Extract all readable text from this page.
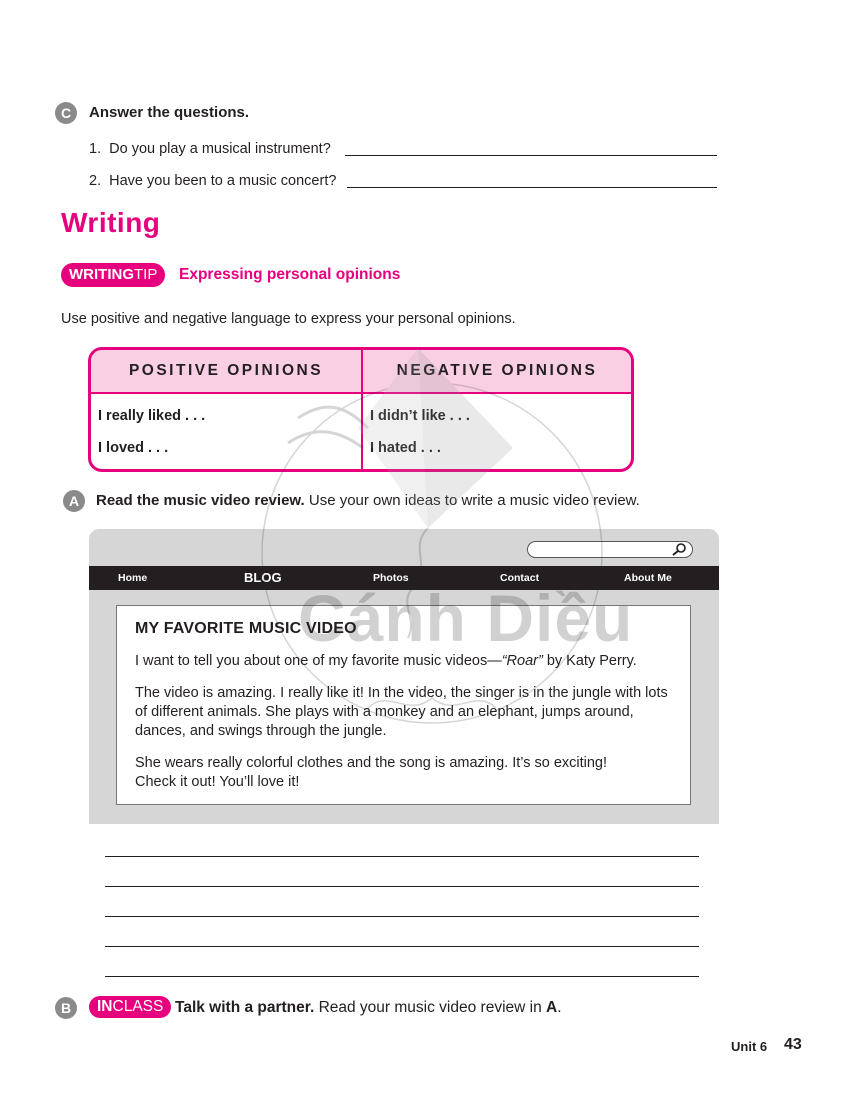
C	Answer the questions.
1. Do you play a musical instrument?
2. Have you been to a music concert?
Writing
WRITINGTIP	Expressing personal opinions
Use positive and negative language to express your personal opinions.
POSITIVE OPINIONS	NEGATIVE OPINIONS
I really liked . . .	I didn’t like . . .
I loved . . .	I hated . . .
A	Read the music video review. Use your own ideas to write a music video review.
Home	BLOG	Photos	Contact	About Me
MY FAVORITE MUSIC VIDEO
I want to tell you about one of my favorite music videos—“Roar” by Katy Perry.
The video is amazing. I really like it! In the video, the singer is in the jungle with lots of different animals. She plays with a monkey and an elephant, jumps around, dances, and swings through the jungle.
She wears really colorful clothes and the song is amazing. It’s so exciting! Check it out! You’ll love it!
B	INCLASS Talk with a partner. Read your music video review in A.
Unit 6 43
Cánh Diều
